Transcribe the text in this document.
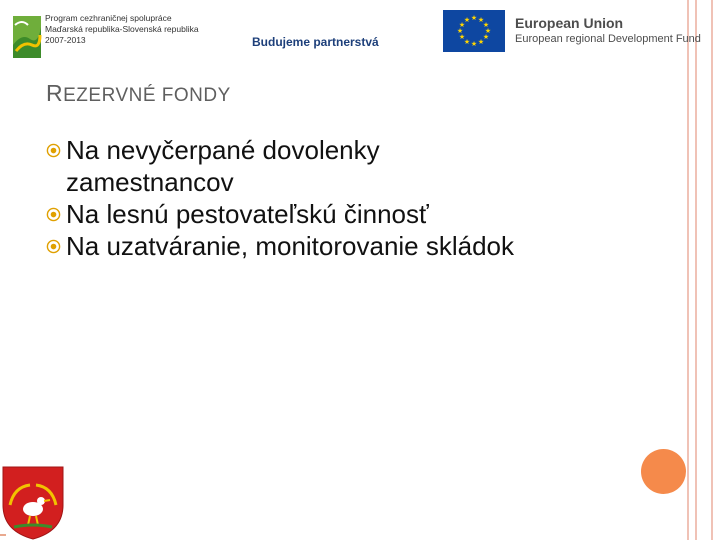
Program cezhraničnej spolupráce
Maďarská republika-Slovenská republika
2007-2013	Budujeme partnerstvá
★ ★
★
★
★
★
★
★
★
★
★
★	European Union
European regional Development Fund
REZERVNÉ FONDY
Na nevyčerpané dovolenky zamestnancov
Na lesnú pestovateľskú činnosť
Na uzatváranie, monitorovanie skládok
